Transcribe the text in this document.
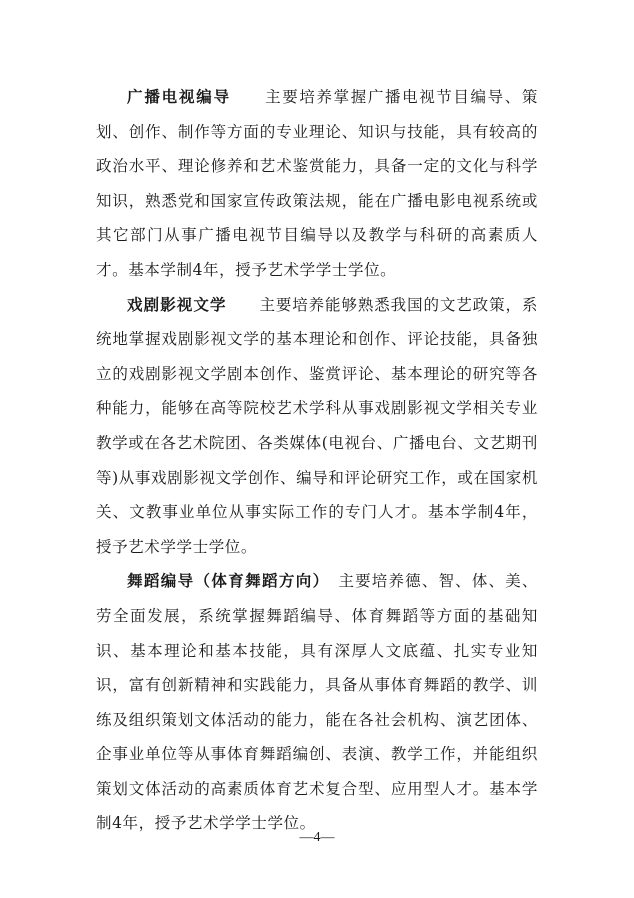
广播电视编导　　 主要培养掌握广播电视节目编导、策划、创作、制作等方面的专业理论、知识与技能，具有较高的政治水平、理论修养和艺术鉴赏能力，具备一定的文化与科学知识，熟悉党和国家宣传政策法规，能在广播电影电视系统或其它部门从事广播电视节目编导以及教学与科研的高素质人才。基本学制4年，授予艺术学学士学位。

戏剧影视文学　　 主要培养能够熟悉我国的文艺政策，系统地掌握戏剧影视文学的基本理论和创作、评论技能，具备独立的戏剧影视文学剧本创作、鉴赏评论、基本理论的研究等各种能力，能够在高等院校艺术学科从事戏剧影视文学相关专业教学或在各艺术院团、各类媒体(电视台、广播电台、文艺期刊等)从事戏剧影视文学创作、编导和评论研究工作，或在国家机关、文教事业单位从事实际工作的专门人才。基本学制4年，授予艺术学学士学位。

舞蹈编导（体育舞蹈方向）　 主要培养德、智、体、美、劳全面发展，系统掌握舞蹈编导、体育舞蹈等方面的基础知识、基本理论和基本技能，具有深厚人文底蕴、扎实专业知识，富有创新精神和实践能力，具备从事体育舞蹈的教学、训练及组织策划文体活动的能力，能在各社会机构、演艺团体、企事业单位等从事体育舞蹈编创、表演、教学工作，并能组织策划文体活动的高素质体育艺术复合型、应用型人才。基本学制4年，授予艺术学学士学位。

—4—
